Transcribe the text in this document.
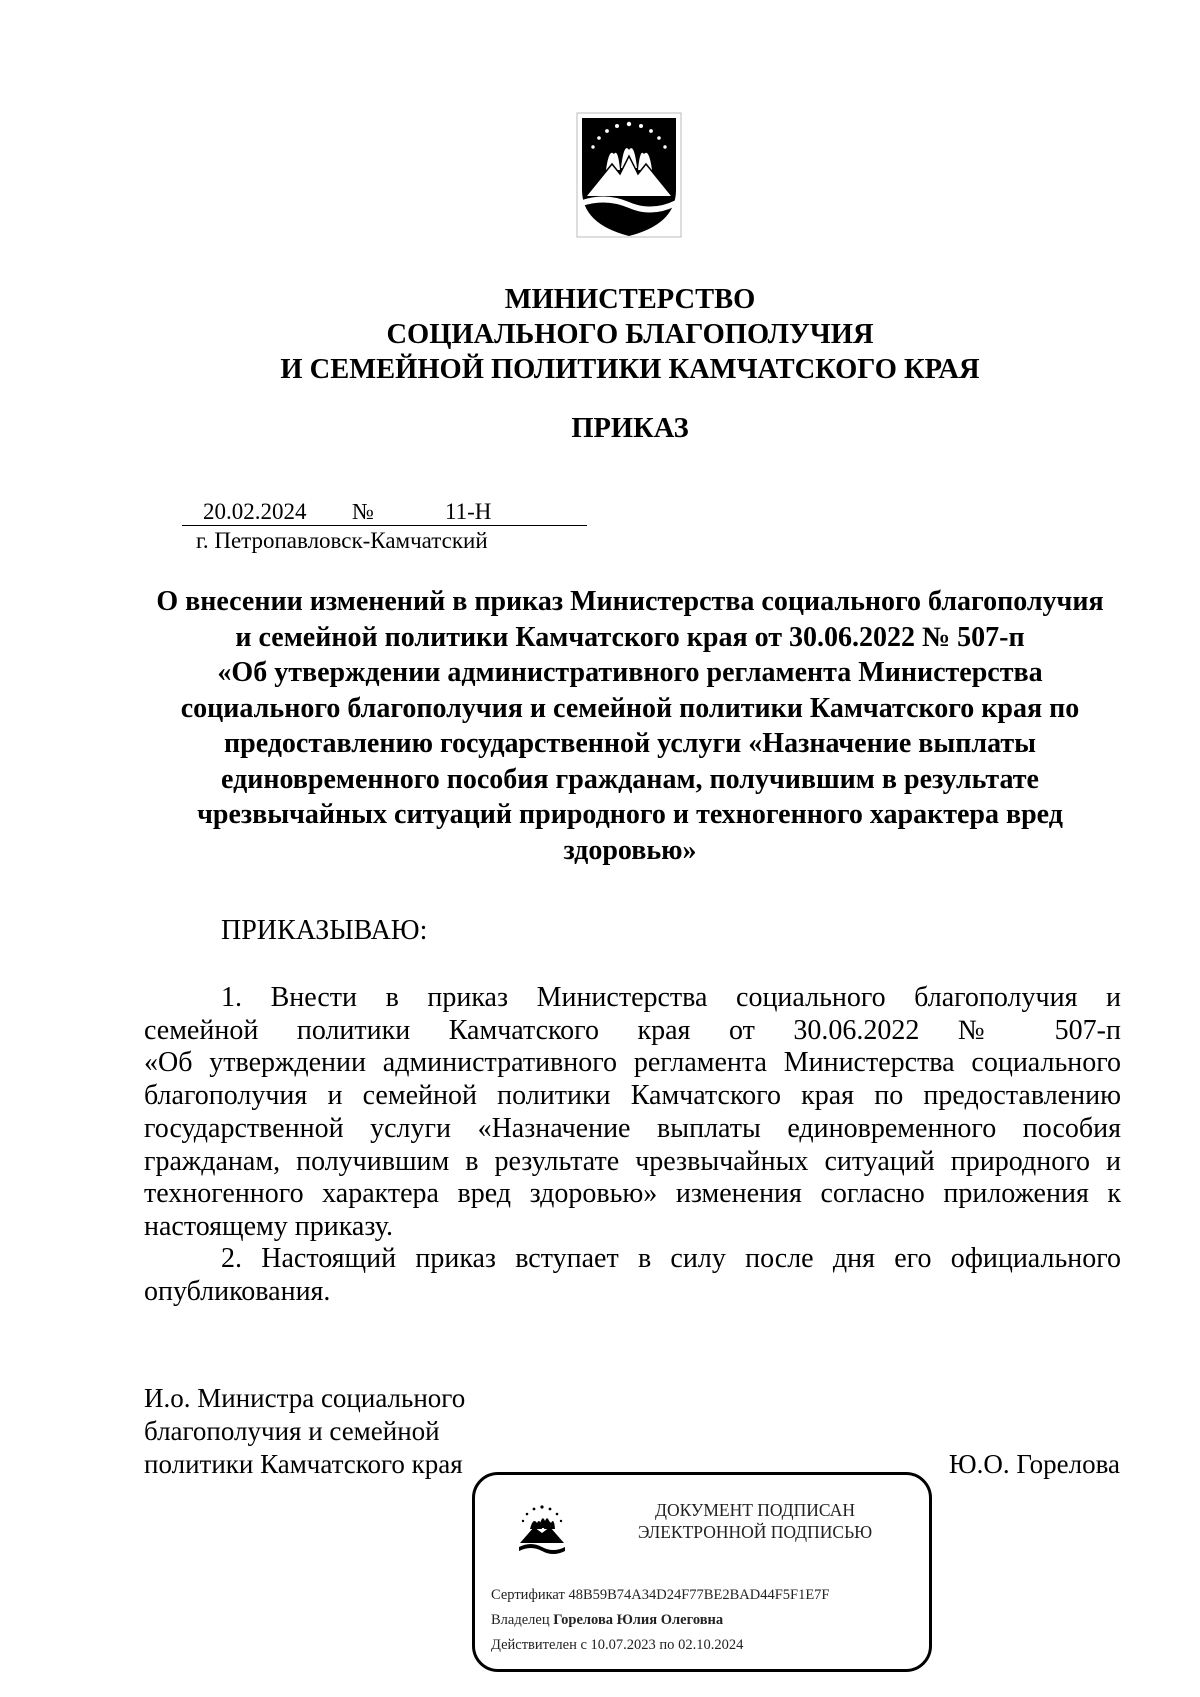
МИНИСТЕРСТВО
СОЦИАЛЬНОГО БЛАГОПОЛУЧИЯ
И СЕМЕЙНОЙ ПОЛИТИКИ КАМЧАТСКОГО КРАЯ
ПРИКАЗ
20.02.2024 №	11-Н
г. Петропавловск-Камчатский
О внесении изменений в приказ Министерства социального благополучия
и семейной политики Камчатского края от 30.06.2022 № 507-п
«Об утверждении административного регламента Министерства
социального благополучия и семейной политики Камчатского края по
предоставлению государственной услуги «Назначение выплаты
единовременного пособия гражданам, получившим в результате
чрезвычайных ситуаций природного и техногенного характера вред
здоровью»
ПРИКАЗЫВАЮ:
1. Внести в приказ Министерства социального благополучия и
семейной политики Камчатского края от 30.06.2022 № 507-п
«Об утверждении административного регламента Министерства социального
благополучия и семейной политики Камчатского края по предоставлению
государственной услуги «Назначение выплаты единовременного пособия
гражданам, получившим в результате чрезвычайных ситуаций природного и
техногенного характера вред здоровью» изменения согласно приложения к
настоящему приказу.
2. Настоящий приказ вступает в силу после дня его официального
опубликования.
И.о. Министра социального
благополучия и семейной
политики Камчатского края	Ю.О. Горелова
ДОКУМЕНТ ПОДПИСАН
ЭЛЕКТРОННОЙ ПОДПИСЬЮ
Сертификат 48B59B74A34D24F77BE2BAD44F5F1E7F
Владелец Горелова Юлия Олеговна
Действителен с 10.07.2023 по 02.10.2024
